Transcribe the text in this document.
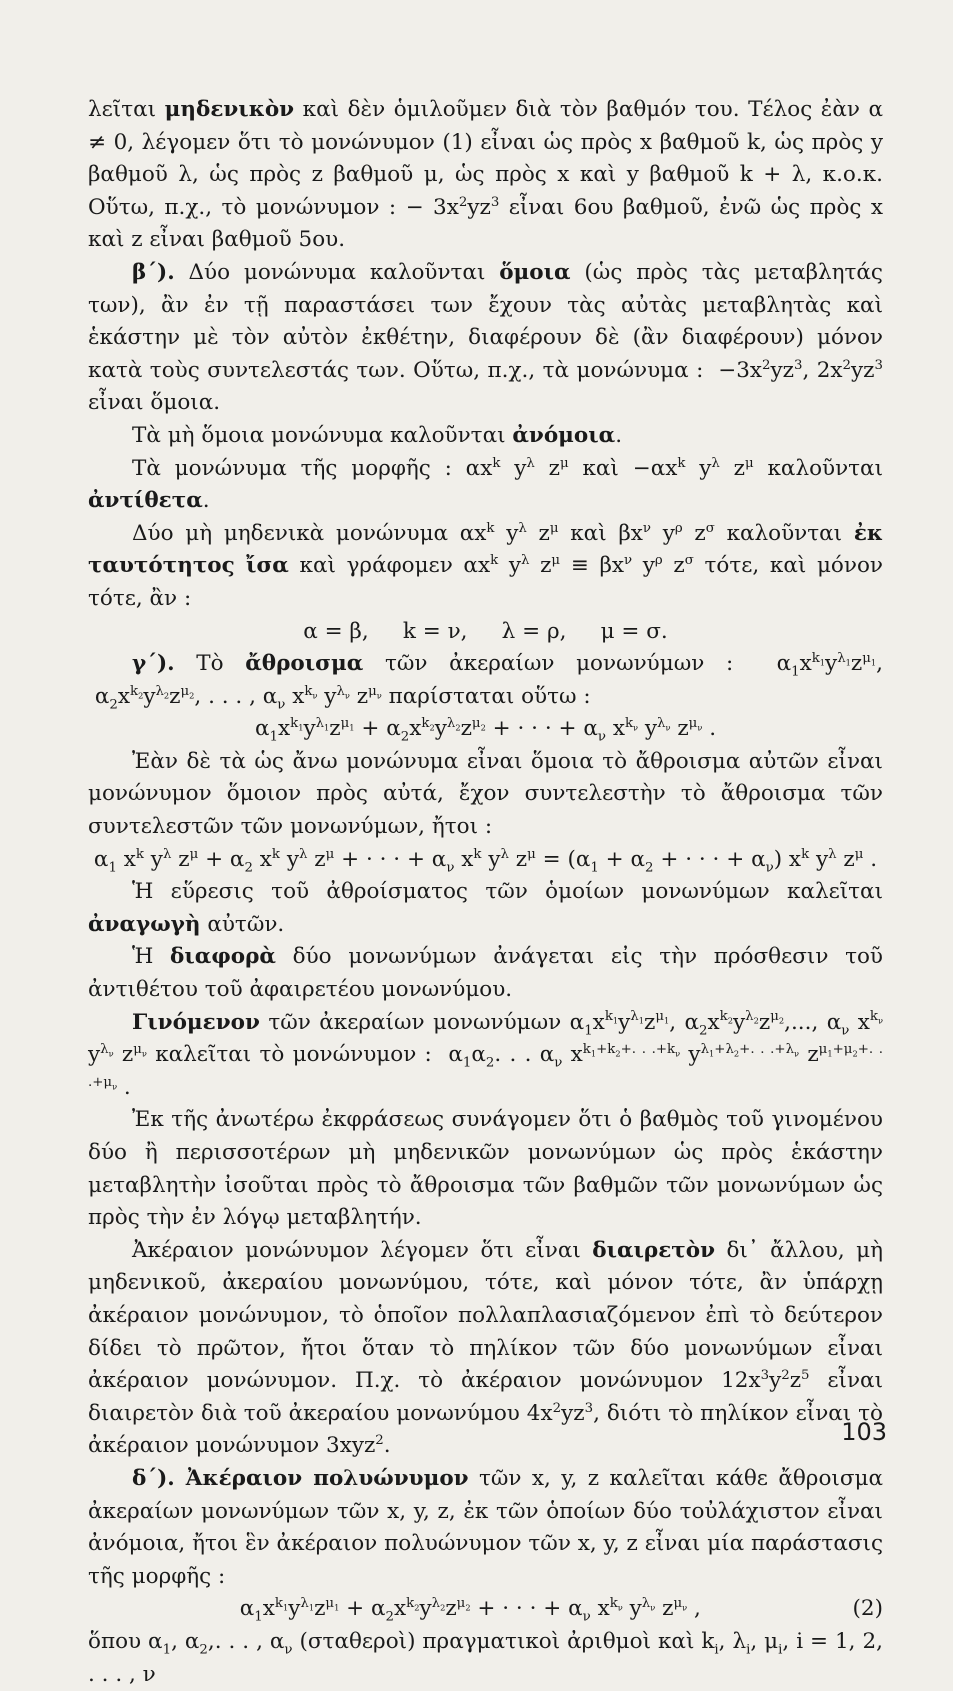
λεῖται μηδενικὸν καὶ δὲν ὁμιλοῦμεν διὰ τὸν βαθμόν του. Τέλος ἐὰν α ≠ 0, λέγομεν ὅτι τὸ μονώνυμον (1) εἶναι ὡς πρὸς x βαθμοῦ k, ὡς πρὸς y βαθμοῦ λ, ὡς πρὸς z βαθμοῦ μ, ὡς πρὸς x καὶ y βαθμοῦ k + λ, κ.ο.κ. Οὕτω, π.χ., τὸ μονώνυμον : − $3x^2yz^3$ εἶναι 6ου βαθμοῦ, ἐνῶ ὡς πρὸς x καὶ z εἶναι βαθμοῦ 5ου.

β΄). Δύο μονώνυμα καλοῦνται ὅμοια (ὡς πρὸς τὰς μεταβλητάς των), ἂν ἐν τῇ παραστάσει των ἔχουν τὰς αὐτὰς μεταβλητὰς καὶ ἑκάστην μὲ τὸν αὐτὸν ἐκθέτην, διαφέρουν δὲ (ἂν διαφέρουν) μόνον κατὰ τοὺς συντελεστάς των. Οὕτω, π.χ., τὰ μονώνυμα :  $-3x^2yz^3$, $2x^2yz^3$ εἶναι ὅμοια.

Τὰ μὴ ὅμοια μονώνυμα καλοῦνται ἀνόμοια.

Τὰ μονώνυμα τῆς μορφῆς : $\alpha x^k$ $y^\lambda$ $z^\mu$ καὶ $-\alpha x^k$ $y^\lambda$ $z^\mu$ καλοῦνται ἀντίθετα.

Δύο μὴ μηδενικὰ μονώνυμα $\alpha x^k$ $y^\lambda$ $z^\mu$ καὶ $\beta x^\nu$ $y^\rho$ $z^\sigma$ καλοῦνται ἐκ ταυτότητος ἴσα καὶ γράφομεν $\alpha x^k$ $y^\lambda$ $z^\mu \equiv \beta x^\nu$ $y^\rho$ $z^\sigma$ τότε, καὶ μόνον τότε, ἂν :

α = β,     k = ν,     λ = ρ,     μ = σ.

γ΄). Τὸ ἄθροισμα τῶν ἀκεραίων μονωνύμων :  $\alpha_1x^{k_1}y^{\lambda_1}z^{\mu_1}$,  $\alpha_2x^{k_2}y^{\lambda_2}z^{\mu_2}$, . . . , $\alpha_\nu$ $x^{k_\nu}$ $y^{\lambda_\nu}$ $z^{\mu_\nu}$ παρίσταται οὕτω :

$\alpha_1x^{k_1}y^{\lambda_1}z^{\mu_1} + \alpha_2x^{k_2}y^{\lambda_2}z^{\mu_2}$ + · · · + $\alpha_\nu$ $x^{k_\nu}$ $y^{\lambda_\nu}$ $z^{\mu_\nu}$ .

Ἐὰν δὲ τὰ ὡς ἄνω μονώνυμα εἶναι ὅμοια τὸ ἄθροισμα αὐτῶν εἶναι μονώνυμον ὅμοιον πρὸς αὐτά, ἔχον συντελεστὴν τὸ ἄθροισμα τῶν συντελεστῶν τῶν μονωνύμων, ἤτοι :

$\alpha_1$ $x^k$ $y^\lambda$ $z^\mu + \alpha_2$ $x^k$ $y^\lambda$ $z^\mu$ + · · · + $\alpha_\nu$ $x^k$ $y^\lambda$ $z^\mu = (\alpha_1 + \alpha_2$ + · · · + $\alpha_\nu$) $x^k$ $y^\lambda$ $z^\mu$ .

Ἡ εὕρεσις τοῦ ἀθροίσματος τῶν ὁμοίων μονωνύμων καλεῖται ἀναγωγὴ αὐτῶν.

Ἡ διαφορὰ δύο μονωνύμων ἀνάγεται εἰς τὴν πρόσθεσιν τοῦ ἀντιθέτου τοῦ ἀφαιρετέου μονωνύμου.

Γινόμενον τῶν ἀκεραίων μονωνύμων $\alpha_1x^{k_1}y^{\lambda_1}z^{\mu_1}$, $\alpha_2x^{k_2}y^{\lambda_2}z^{\mu_2}$,..., $\alpha_\nu$ $x^{k_\nu}$ $y^{\lambda_\nu}$ $z^{\mu_\nu}$ καλεῖται τὸ μονώνυμον :  $\alpha_1\alpha_2$. . . $\alpha_\nu$ $x^{k_1+k_2+. . .+k_\nu}$ $y^{\lambda_1+\lambda_2+. . .+\lambda_\nu}$ $z^{\mu_1+\mu_2+. . .+\mu_\nu}$ .

Ἐκ τῆς ἀνωτέρω ἐκφράσεως συνάγομεν ὅτι ὁ βαθμὸς τοῦ γινομένου δύο ἢ περισσοτέρων μὴ μηδενικῶν μονωνύμων ὡς πρὸς ἑκάστην μεταβλητὴν ἰσοῦται πρὸς τὸ ἄθροισμα τῶν βαθμῶν τῶν μονωνύμων ὡς πρὸς τὴν ἐν λόγῳ μεταβλητήν.

Ἀκέραιον μονώνυμον λέγομεν ὅτι εἶναι διαιρετὸν δι᾽ ἄλλου, μὴ μηδενικοῦ, ἀκεραίου μονωνύμου, τότε, καὶ μόνον τότε, ἂν ὑπάρχῃ ἀκέραιον μονώνυμον, τὸ ὁποῖον πολλαπλασιαζόμενον ἐπὶ τὸ δεύτερον δίδει τὸ πρῶτον, ἤτοι ὅταν τὸ πηλίκον τῶν δύο μονωνύμων εἶναι ἀκέραιον μονώνυμον. Π.χ. τὸ ἀκέραιον μονώνυμον $12x^3y^2z^5$ εἶναι διαιρετὸν διὰ τοῦ ἀκεραίου μονωνύμου $4x^2yz^3$, διότι τὸ πηλίκον εἶναι τὸ ἀκέραιον μονώνυμον 3xyz$^2$.

δ΄). Ἀκέραιον πολυώνυμον τῶν x, y, z καλεῖται κάθε ἄθροισμα ἀκεραίων μονωνύμων τῶν x, y, z, ἐκ τῶν ὁποίων δύο τοὐλάχιστον εἶναι ἀνόμοια, ἤτοι ἓν ἀκέραιον πολυώνυμον τῶν x, y, z εἶναι μία παράστασις τῆς μορφῆς :

$\alpha_1x^{k_1}y^{\lambda_1}z^{\mu_1} + \alpha_2x^{k_2}y^{\lambda_2}z^{\mu_2}$ + · · · + $\alpha_\nu$ $x^{k_\nu}$ $y^{\lambda_\nu}$ $z^{\mu_\nu}$ ,	(2)

ὅπου $\alpha_1$, $\alpha_2$,. . . , $\alpha_\nu$ (σταθεροὶ) πραγματικοὶ ἀριθμοὶ καὶ $k_i$, $\lambda_i$, $\mu_i$, i = 1, 2, . . . , ν

103
